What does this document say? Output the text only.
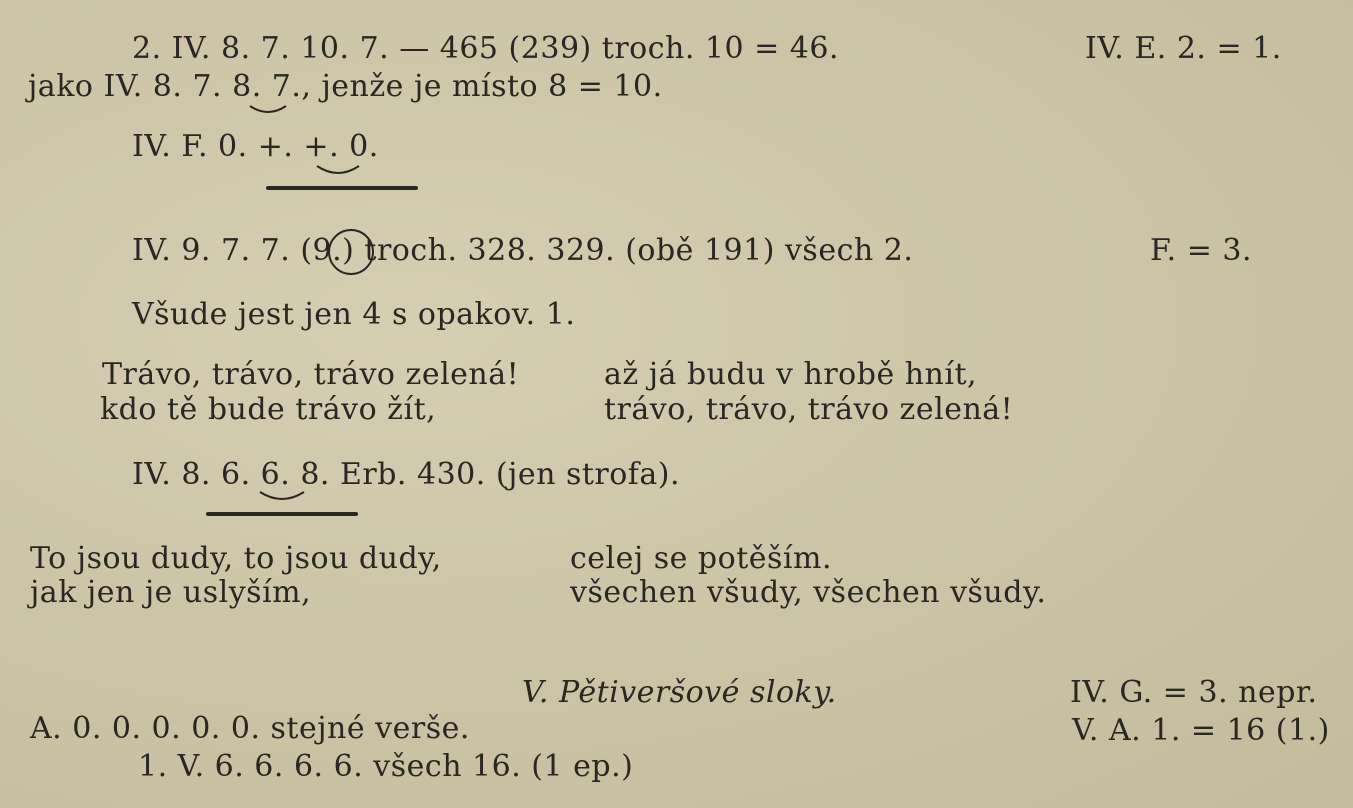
2. IV. 8. 7. 10. 7. — 465 (239) troch. 10 = 46.	IV. E. 2. = 1.
jako IV. 8. 7. 8. 7., jenže je místo 8 = 10.
IV. F. 0. +. +. 0.
IV. 9. 7. 7. (9.) troch. 328. 329. (obě 191) všech 2.	F. = 3.
Všude jest jen 4 s opakov. 1.
Trávo, trávo, trávo zelená!
kdo tě bude trávo žít,
až já budu v hrobě hnít,
trávo, trávo, trávo zelená!
IV. 8. 6. 6. 8. Erb. 430. (jen strofa).
To jsou dudy, to jsou dudy,
jak jen je uslyším,
celej se potěším.
všechen všudy, všechen všudy.
V. Pětiveršové sloky.	IV. G. = 3. nepr.
A. 0. 0. 0. 0. 0. stejné verše.	V. A. 1. = 16 (1.)
1. V. 6. 6. 6. 6. všech 16. (1 ep.)
